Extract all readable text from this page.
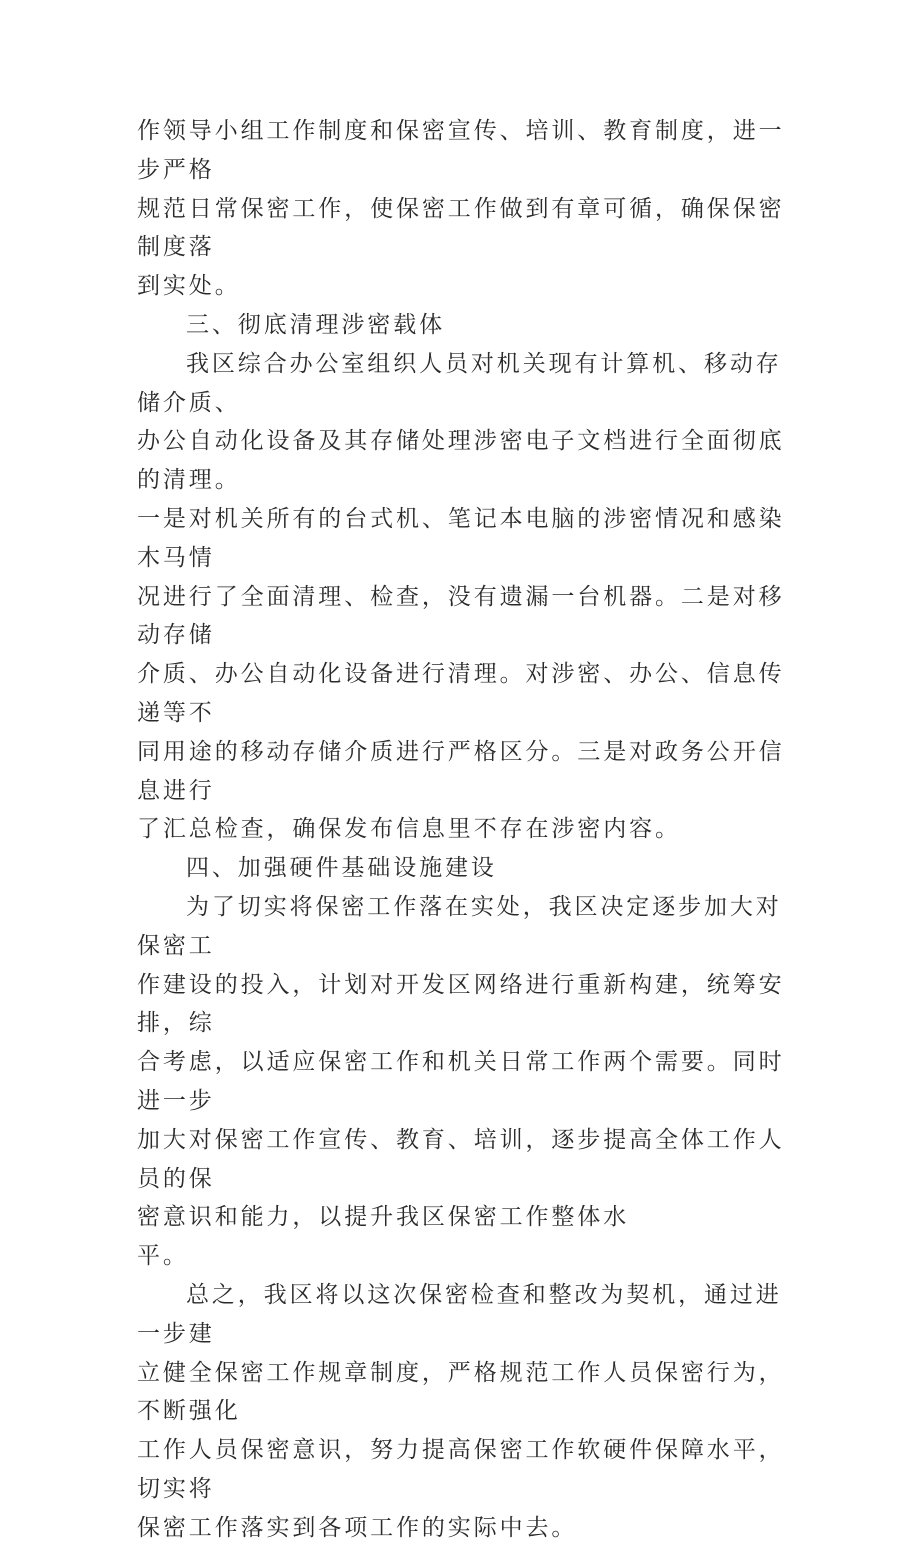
作领导小组工作制度和保密宣传、培训、教育制度，进一步严格
规范日常保密工作，使保密工作做到有章可循，确保保密制度落
到实处。

三、彻底清理涉密载体

我区综合办公室组织人员对机关现有计算机、移动存储介质、
办公自动化设备及其存储处理涉密电子文档进行全面彻底的清理。
一是对机关所有的台式机、笔记本电脑的涉密情况和感染木马情
况进行了全面清理、检查，没有遗漏一台机器。二是对移动存储
介质、办公自动化设备进行清理。对涉密、办公、信息传递等不
同用途的移动存储介质进行严格区分。三是对政务公开信息进行
了汇总检查，确保发布信息里不存在涉密内容。

四、加强硬件基础设施建设

为了切实将保密工作落在实处，我区决定逐步加大对保密工
作建设的投入，计划对开发区网络进行重新构建，统筹安排，综
合考虑，以适应保密工作和机关日常工作两个需要。同时进一步
加大对保密工作宣传、教育、培训，逐步提高全体工作人员的保
密意识和能力，以提升我区保密工作整体水
平。

总之，我区将以这次保密检查和整改为契机，通过进一步建
立健全保密工作规章制度，严格规范工作人员保密行为，不断强化
工作人员保密意识，努力提高保密工作软硬件保障水平，切实将
保密工作落实到各项工作的实际中去。
